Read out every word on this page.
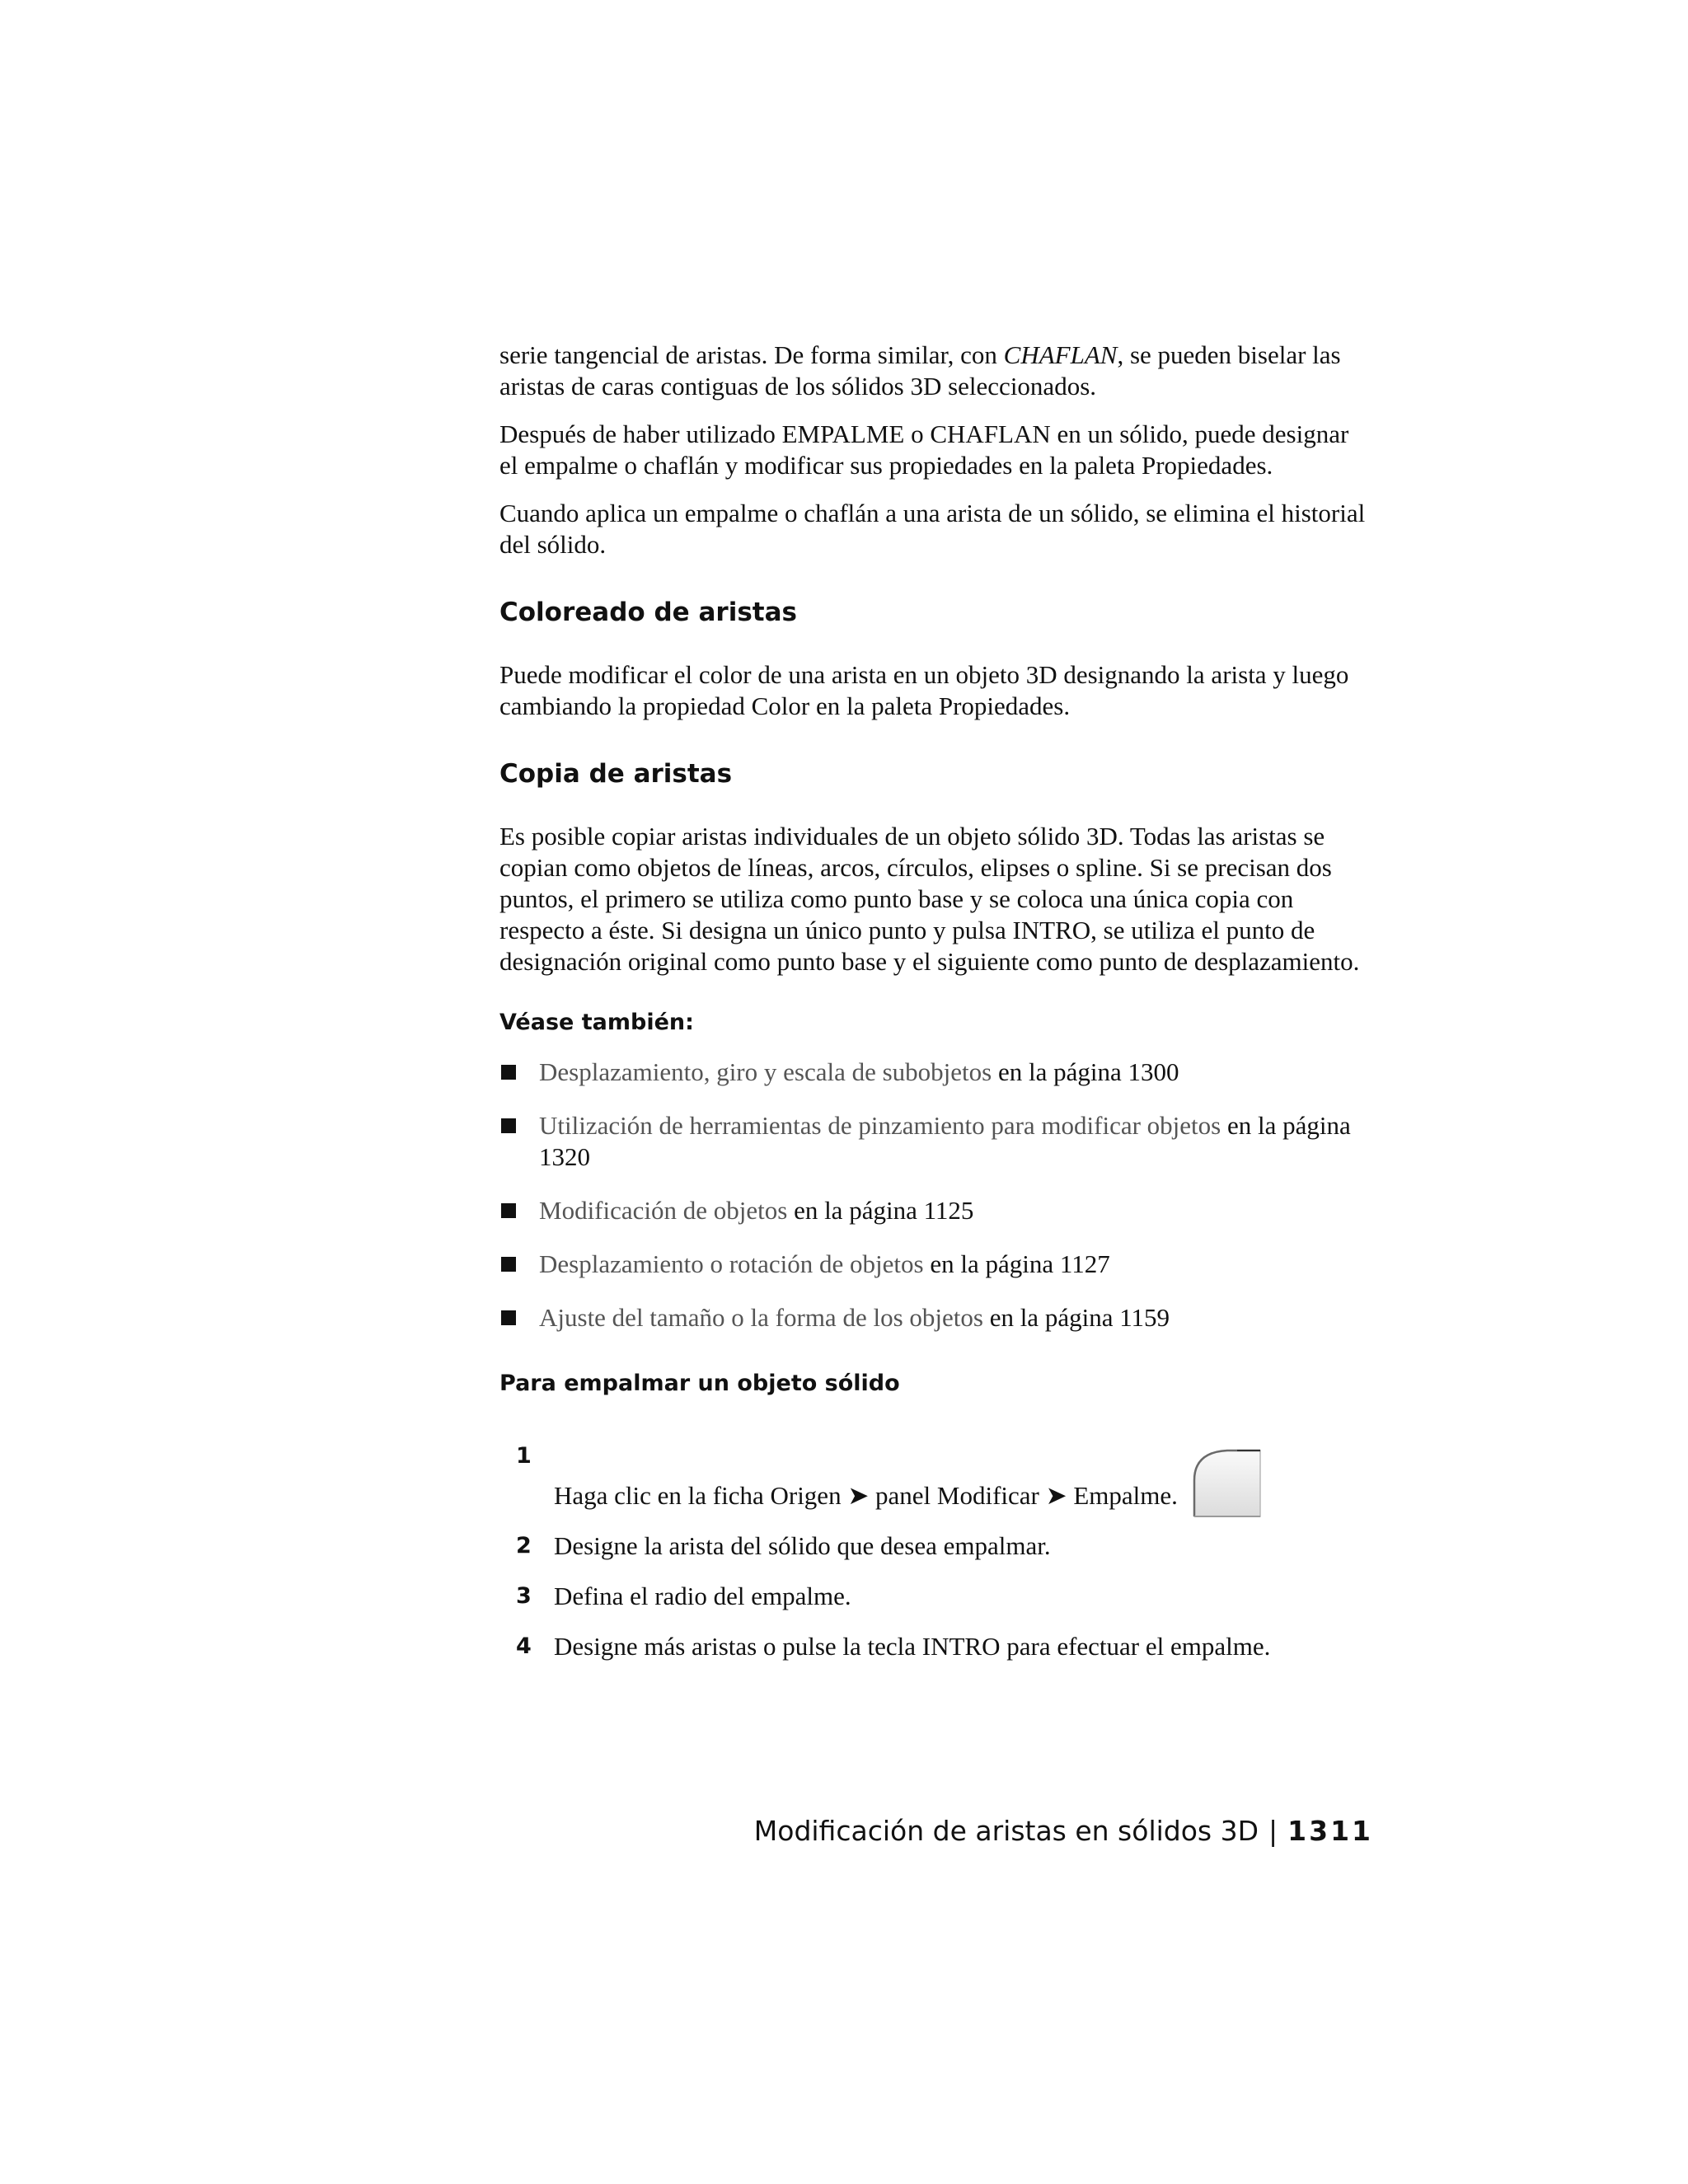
serie tangencial de aristas. De forma similar, con CHAFLAN, se pueden biselar las aristas de caras contiguas de los sólidos 3D seleccionados.

Después de haber utilizado EMPALME o CHAFLAN en un sólido, puede designar el empalme o chaflán y modificar sus propiedades en la paleta Propiedades.

Cuando aplica un empalme o chaflán a una arista de un sólido, se elimina el historial del sólido.

Coloreado de aristas

Puede modificar el color de una arista en un objeto 3D designando la arista y luego cambiando la propiedad Color en la paleta Propiedades.

Copia de aristas

Es posible copiar aristas individuales de un objeto sólido 3D. Todas las aristas se copian como objetos de líneas, arcos, círculos, elipses o spline. Si se precisan dos puntos, el primero se utiliza como punto base y se coloca una única copia con respecto a éste. Si designa un único punto y pulsa INTRO, se utiliza el punto de designación original como punto base y el siguiente como punto de desplazamiento.

Véase también:
Desplazamiento, giro y escala de subobjetos en la página 1300
Utilización de herramientas de pinzamiento para modificar objetos en la página 1320
Modificación de objetos en la página 1125
Desplazamiento o rotación de objetos en la página 1127
Ajuste del tamaño o la forma de los objetos en la página 1159
Para empalmar un objeto sólido
1
Haga clic en la ficha Origen ➤ panel Modificar ➤ Empalme.
2 Designe la arista del sólido que desea empalmar.
3 Defina el radio del empalme.
4 Designe más aristas o pulse la tecla INTRO para efectuar el empalme.
Modificación de aristas en sólidos 3D | 1311
